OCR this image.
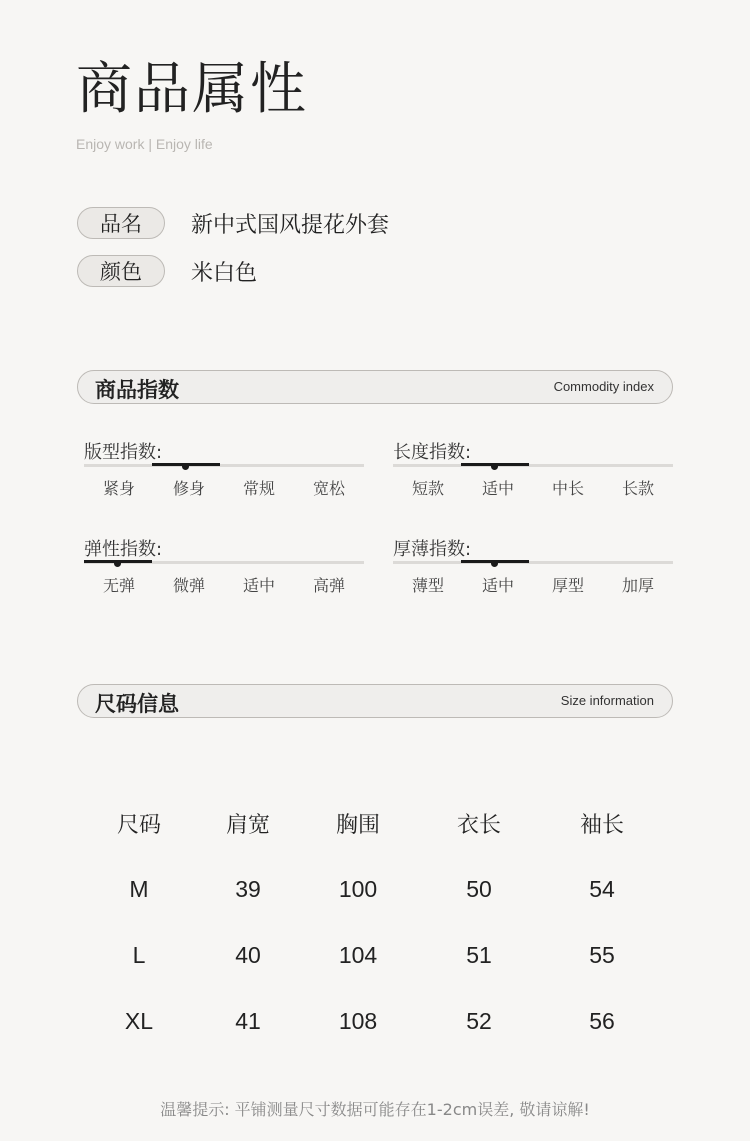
商品属性
Enjoy work | Enjoy life
品名	新中式国风提花外套
颜色	米白色
商品指数	Commodity index
版型指数:
紧身	修身	常规	宽松
长度指数:
短款	适中	中长	长款
弹性指数:
无弹	微弹	适中	高弹
厚薄指数:
薄型	适中	厚型	加厚
尺码信息	Size information
尺码	肩宽	胸围	衣长	袖长
M	39	100	50	54
L	40	104	51	55
XL	41	108	52	56
温馨提示: 平铺测量尺寸数据可能存在1-2cm误差, 敬请谅解!
